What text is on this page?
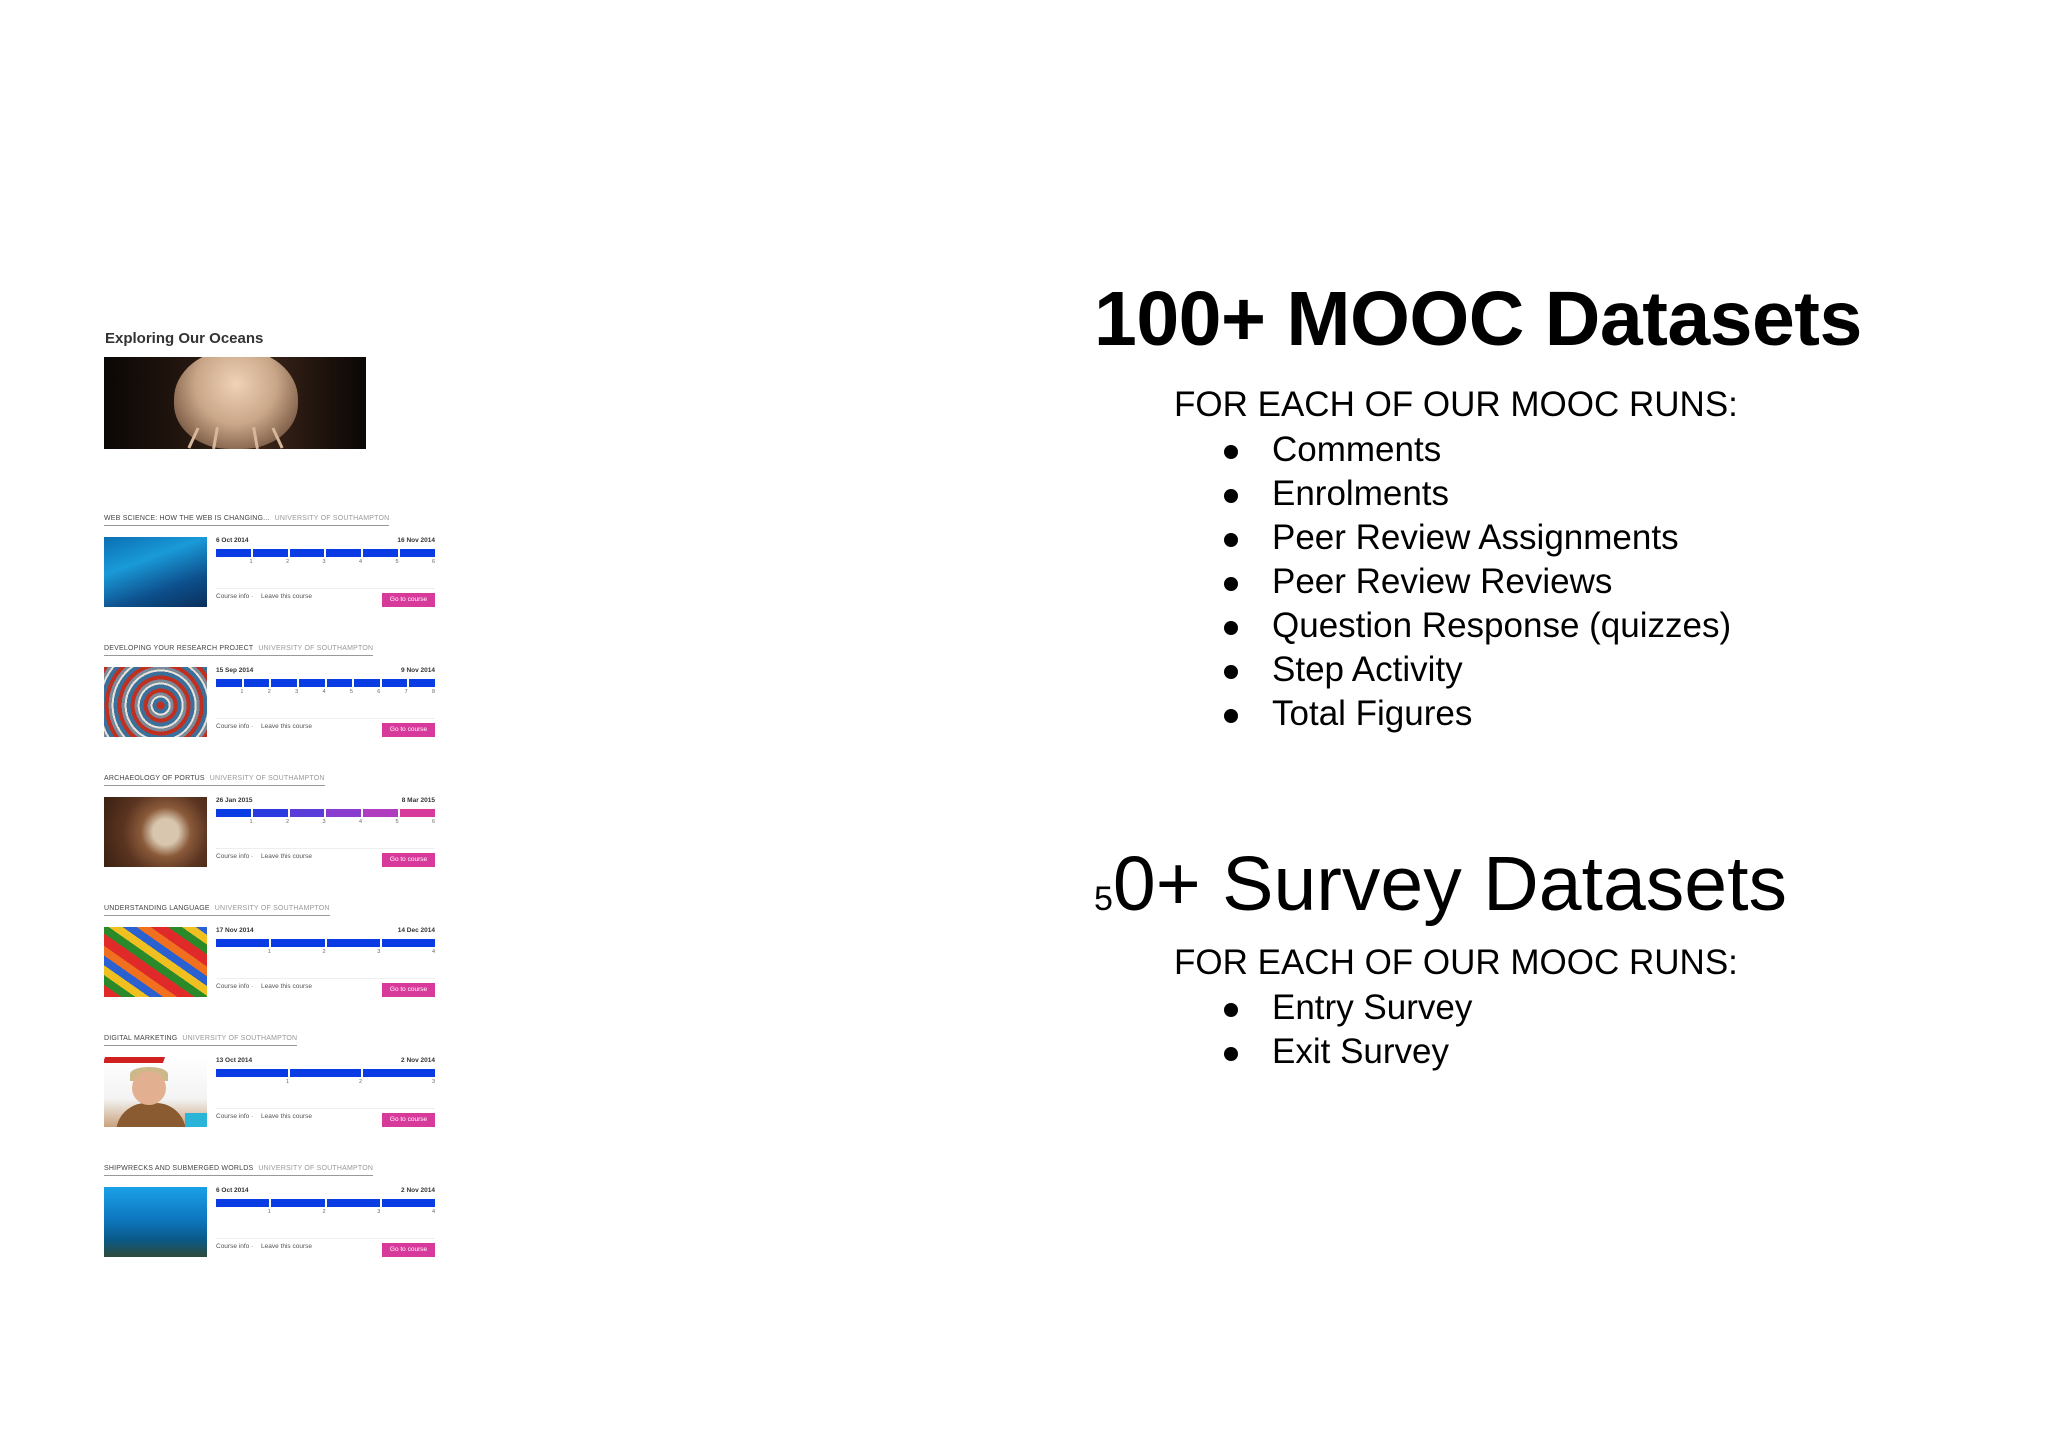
Exploring Our Oceans
WEB SCIENCE: HOW THE WEB IS CHANGING... UNIVERSITY OF SOUTHAMPTON
6 Oct 2014	16 Nov 2014
1	2	3	4	5	6
Course info · Leave this course	Go to course
DEVELOPING YOUR RESEARCH PROJECT UNIVERSITY OF SOUTHAMPTON
15 Sep 2014	9 Nov 2014
1	2	3	4	5	6	7	8
Course info · Leave this course	Go to course
ARCHAEOLOGY OF PORTUS UNIVERSITY OF SOUTHAMPTON
26 Jan 2015	8 Mar 2015
1	2	3	4	5	6
Course info · Leave this course	Go to course
UNDERSTANDING LANGUAGE UNIVERSITY OF SOUTHAMPTON
17 Nov 2014	14 Dec 2014
1	2	3	4
Course info · Leave this course	Go to course
DIGITAL MARKETING UNIVERSITY OF SOUTHAMPTON
13 Oct 2014	2 Nov 2014
1	2	3
Course info · Leave this course	Go to course
SHIPWRECKS AND SUBMERGED WORLDS UNIVERSITY OF SOUTHAMPTON
6 Oct 2014	2 Nov 2014
1	2	3	4
Course info · Leave this course	Go to course
100+ MOOC Datasets
FOR EACH OF OUR MOOC RUNS:
Comments
Enrolments
Peer Review Assignments
Peer Review Reviews
Question Response (quizzes)
Step Activity
Total Figures
50+ Survey Datasets
FOR EACH OF OUR MOOC RUNS:
Entry Survey
Exit Survey
